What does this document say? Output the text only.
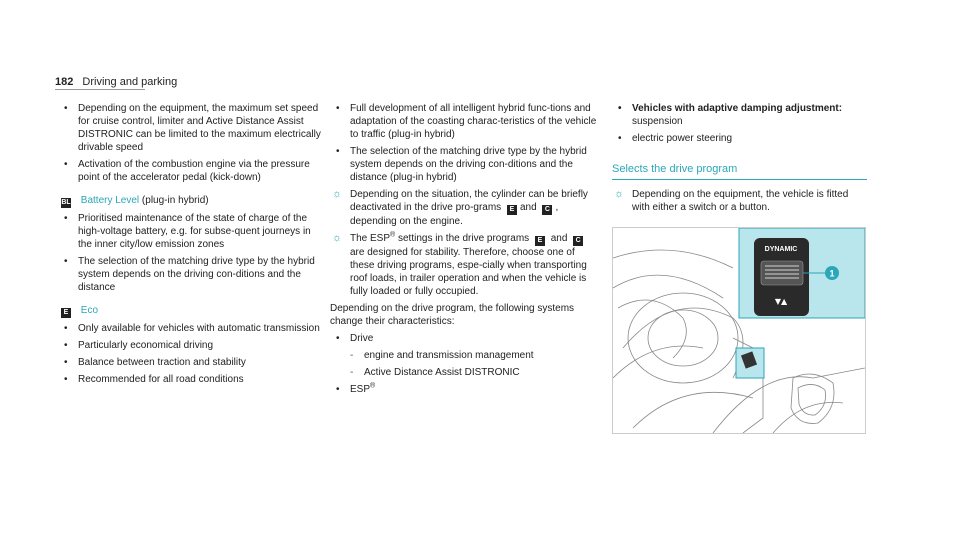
182 Driving and parking
• Depending on the equipment, the maximum set speed for cruise control, limiter and Active Distance Assist DISTRONIC can be limited to the maximum electrically drivable speed
• Activation of the combustion engine via the pressure point of the accelerator pedal (kick-down)
BL Battery Level (plug-in hybrid)
• Prioritised maintenance of the state of charge of the high-voltage battery, e.g. for subse-quent journeys in the inner city/low emission zones
• The selection of the matching drive type by the hybrid system depends on the driving con-ditions and the distance
E Eco
• Only available for vehicles with automatic transmission
• Particularly economical driving
• Balance between traction and stability
• Recommended for all road conditions
• Full development of all intelligent hybrid func-tions and adaptation of the coasting charac-teristics of the vehicle to traffic (plug-in hybrid)
• The selection of the matching drive type by the hybrid system depends on the driving con-ditions and the distance (plug-in hybrid)
☼ Depending on the situation, the cylinder can be briefly deactivated in the drive pro-grams E and C , depending on the engine.
☼ The ESP® settings in the drive programs E and C are designed for stability. Therefore, choose one of these driving programs, espe-cially when transporting roof loads, in trailer operation and when the vehicle is fully loaded or fully occupied.
Depending on the drive program, the following systems change their characteristics:
• Drive
- engine and transmission management
- Active Distance Assist DISTRONIC
• ESP®
• Vehicles with adaptive damping adjustment:
suspension
• electric power steering
Selects the drive program
☼ Depending on the equipment, the vehicle is fitted with either a switch or a button.
DYNAMIC
▼▲
1
